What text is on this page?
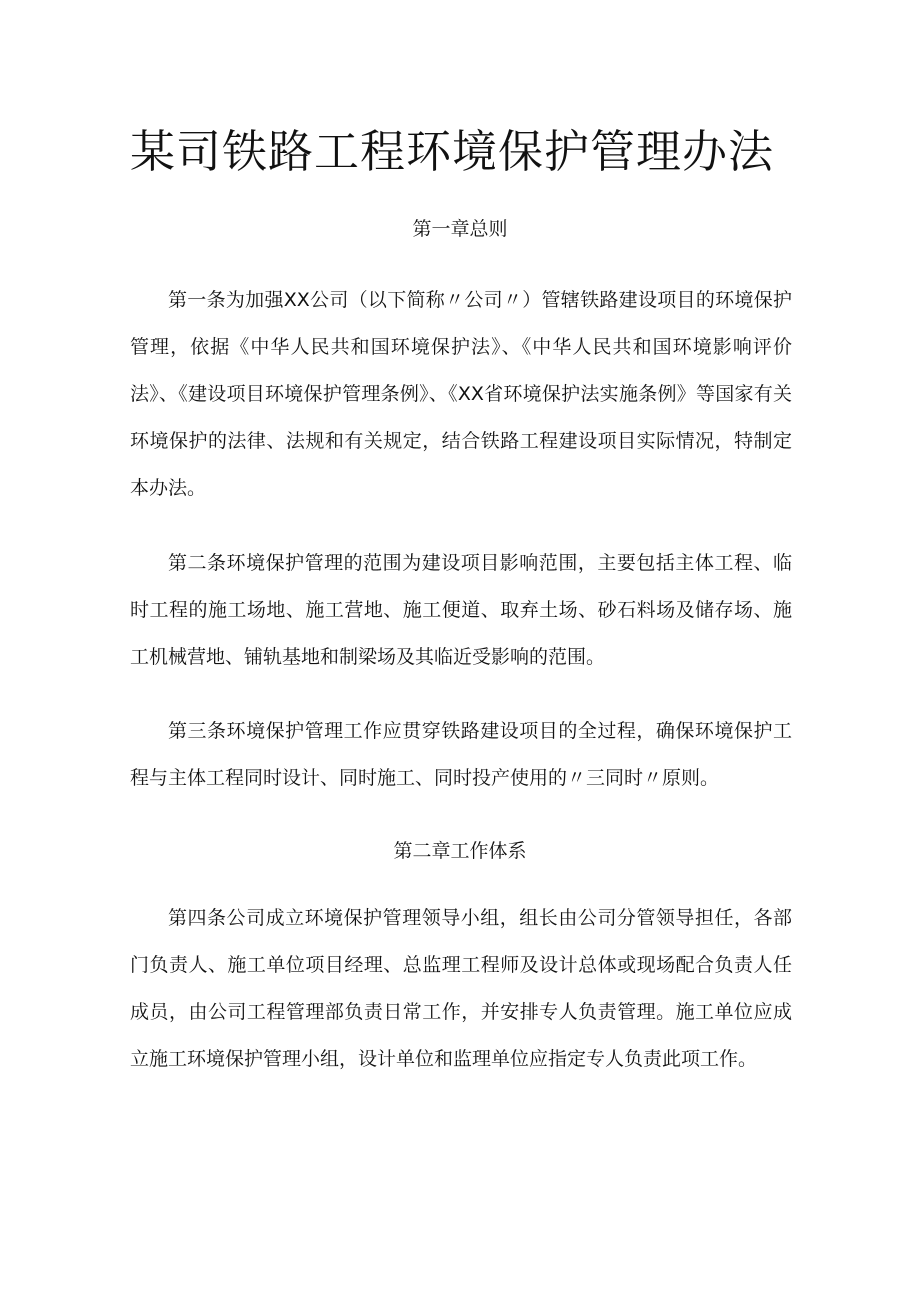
某司铁路工程环境保护管理办法
第一章总则

第一条为加强XX公司（以下简称〃公司〃）管辖铁路建设项目的环境保护管理，依据《中华人民共和国环境保护法》、《中华人民共和国环境影响评价法》、《建设项目环境保护管理条例》、《XX省环境保护法实施条例》等国家有关环境保护的法律、法规和有关规定，结合铁路工程建设项目实际情况，特制定本办法。

第二条环境保护管理的范围为建设项目影响范围，主要包括主体工程、临时工程的施工场地、施工营地、施工便道、取弃土场、砂石料场及储存场、施工机械营地、铺轨基地和制梁场及其临近受影响的范围。

第三条环境保护管理工作应贯穿铁路建设项目的全过程，确保环境保护工程与主体工程同时设计、同时施工、同时投产使用的〃三同时〃原则。

第二章工作体系

第四条公司成立环境保护管理领导小组，组长由公司分管领导担任，各部门负责人、施工单位项目经理、总监理工程师及设计总体或现场配合负责人任成员，由公司工程管理部负责日常工作，并安排专人负责管理。施工单位应成立施工环境保护管理小组，设计单位和监理单位应指定专人负责此项工作。
